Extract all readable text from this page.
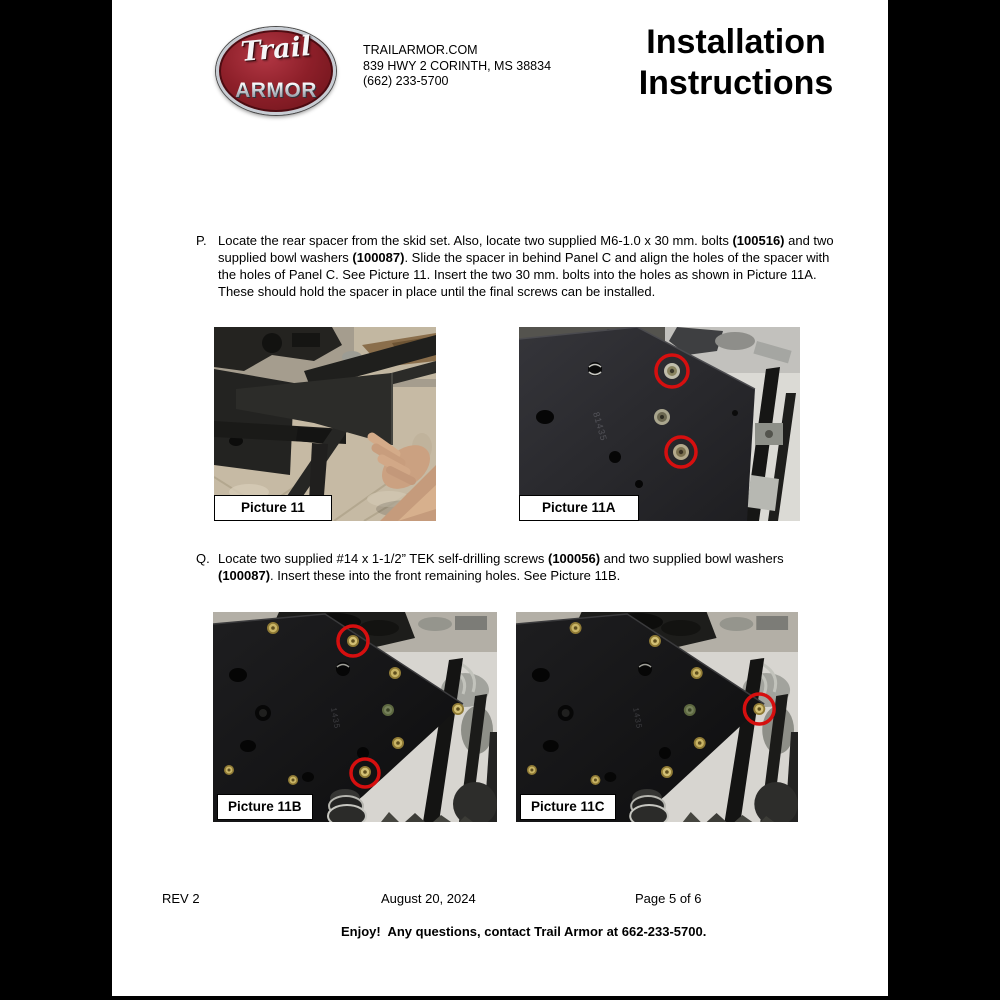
Trail
ARMOR
TRAILARMOR.COM
839 HWY 2 CORINTH, MS 38834
(662) 233-5700
Installation
Instructions
P. Locate the rear spacer from the skid set. Also, locate two supplied M6-1.0 x 30 mm. bolts (100516) and two supplied bowl washers (100087). Slide the spacer in behind Panel C and align the holes of the spacer with the holes of Panel C. See Picture 11. Insert the two 30 mm. bolts into the holes as shown in Picture 11A. These should hold the spacer in place until the final screws can be installed.
Picture 11
81435
Picture 11A
Q. Locate two supplied #14 x 1-1/2” TEK self-drilling screws (100056) and two supplied bowl washers (100087). Insert these into the front remaining holes. See Picture 11B.
Picture 11B	Picture 11C
REV 2	August 20, 2024	Page 5 of 6
Enjoy!  Any questions, contact Trail Armor at 662-233-5700.
